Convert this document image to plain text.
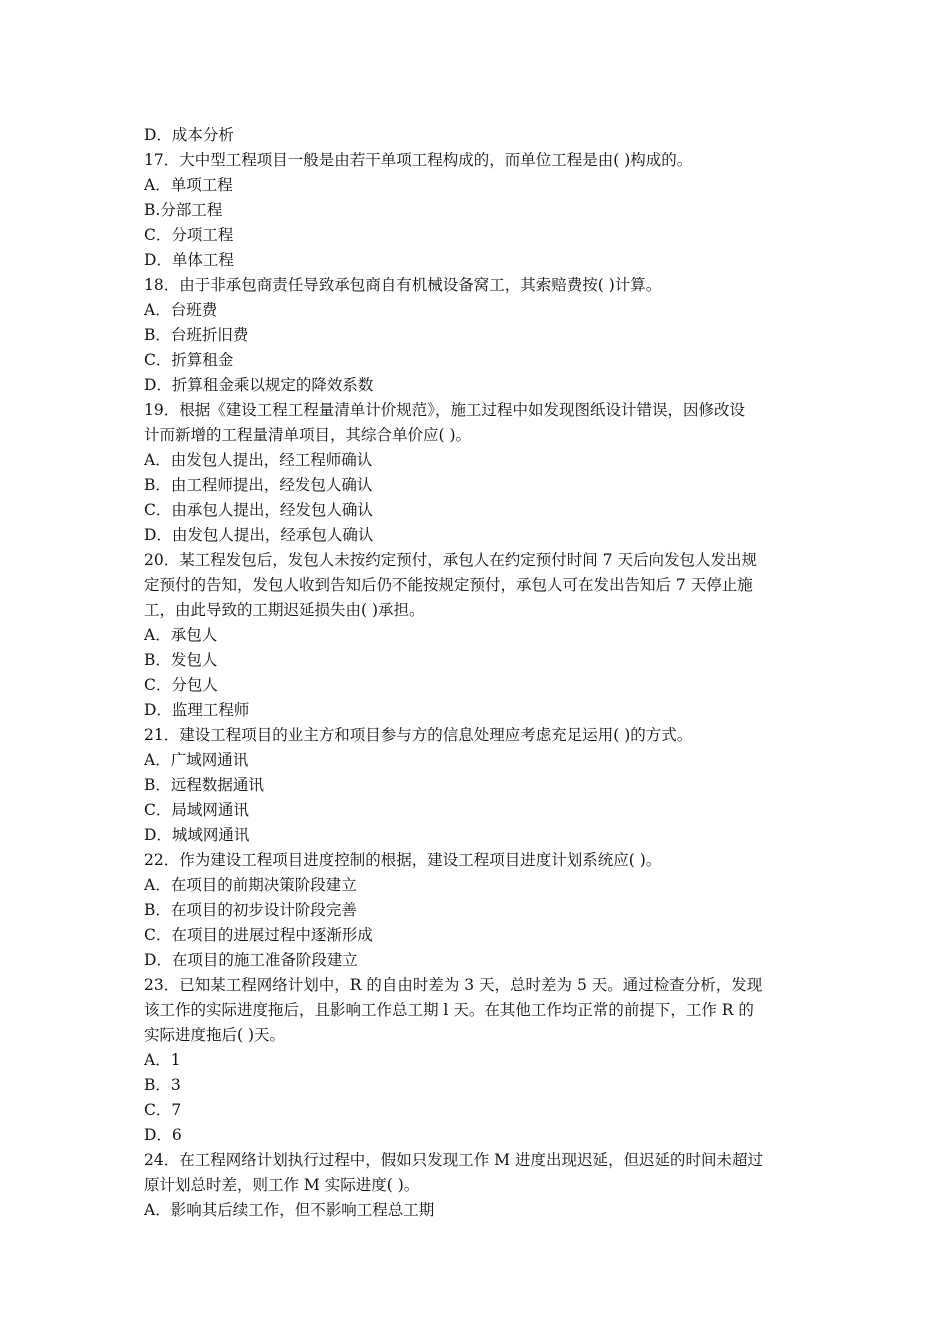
D．成本分析
17．大中型工程项目一般是由若干单项工程构成的，而单位工程是由( )构成的。
A．单项工程
B.分部工程
C．分项工程
D．单体工程
18．由于非承包商责任导致承包商自有机械设备窝工，其索赔费按( )计算。
A．台班费
B．台班折旧费
C．折算租金
D．折算租金乘以规定的降效系数
19．根据《建设工程工程量清单计价规范》，施工过程中如发现图纸设计错误，因修改设
计而新增的工程量清单项目，其综合单价应( )。
A．由发包人提出，经工程师确认
B．由工程师提出，经发包人确认
C．由承包人提出，经发包人确认
D．由发包人提出，经承包人确认
20．某工程发包后，发包人未按约定预付，承包人在约定预付时间 7 天后向发包人发出规
定预付的告知，发包人收到告知后仍不能按规定预付，承包人可在发出告知后 7 天停止施
工，由此导致的工期迟延损失由( )承担。
A．承包人
B．发包人
C．分包人
D．监理工程师
21．建设工程项目的业主方和项目参与方的信息处理应考虑充足运用( )的方式。
A．广域网通讯
B．远程数据通讯
C．局域网通讯
D．城域网通讯
22．作为建设工程项目进度控制的根据，建设工程项目进度计划系统应( )。
A．在项目的前期决策阶段建立
B．在项目的初步设计阶段完善
C．在项目的进展过程中逐渐形成
D．在项目的施工准备阶段建立
23．已知某工程网络计划中，R 的自由时差为 3 天，总时差为 5 天。通过检查分析，发现
该工作的实际进度拖后，且影响工作总工期 l 天。在其他工作均正常的前提下，工作 R 的
实际进度拖后( )天。
A．1
B．3
C．7
D．6
24．在工程网络计划执行过程中，假如只发现工作 M 进度出现迟延，但迟延的时间未超过
原计划总时差，则工作 M 实际进度( )。
A．影响其后续工作，但不影响工程总工期
